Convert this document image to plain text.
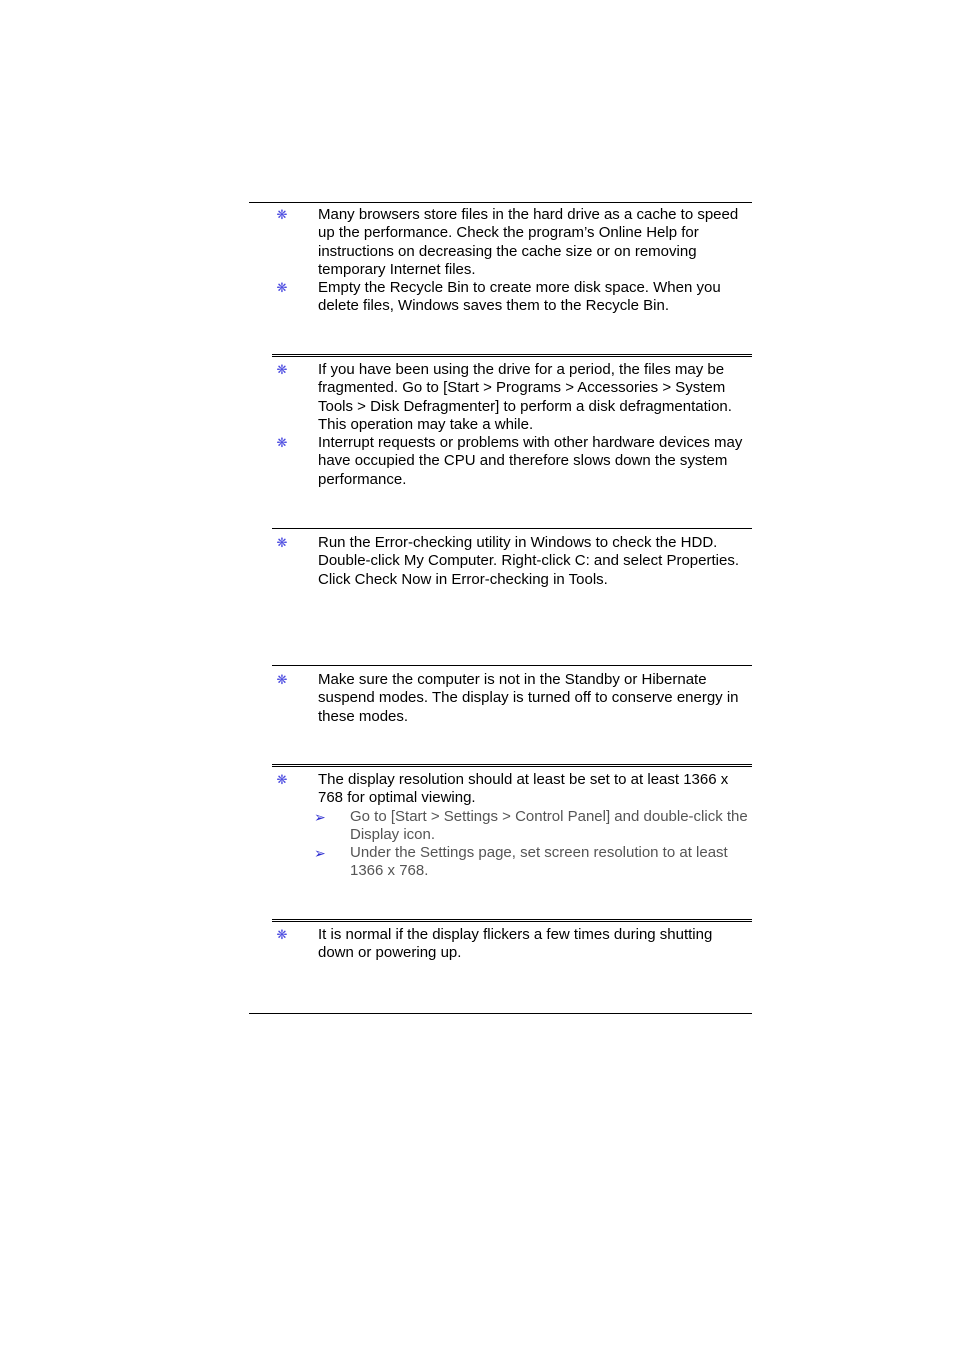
❋ Many browsers store files in the hard drive as a cache to speed up the performance. Check the program’s Online Help for instructions on decreasing the cache size or on removing temporary Internet files.
❋ Empty the Recycle Bin to create more disk space. When you delete files, Windows saves them to the Recycle Bin.
❋ If you have been using the drive for a period, the files may be fragmented. Go to [Start > Programs > Accessories > System Tools > Disk Defragmenter] to perform a disk defragmentation. This operation may take a while.
❋ Interrupt requests or problems with other hardware devices may have occupied the CPU and therefore slows down the system performance.
❋ Run the Error-checking utility in Windows to check the HDD. Double-click My Computer. Right-click C: and select Properties. Click Check Now in Error-checking in Tools.
❋ Make sure the computer is not in the Standby or Hibernate suspend modes. The display is turned off to conserve energy in these modes.
❋ The display resolution should at least be set to at least 1366 x 768 for optimal viewing.
➢ Go to [Start > Settings > Control Panel] and double-click the Display icon.
➢ Under the Settings page, set screen resolution to at least 1366 x 768.
❋ It is normal if the display flickers a few times during shutting down or powering up.
